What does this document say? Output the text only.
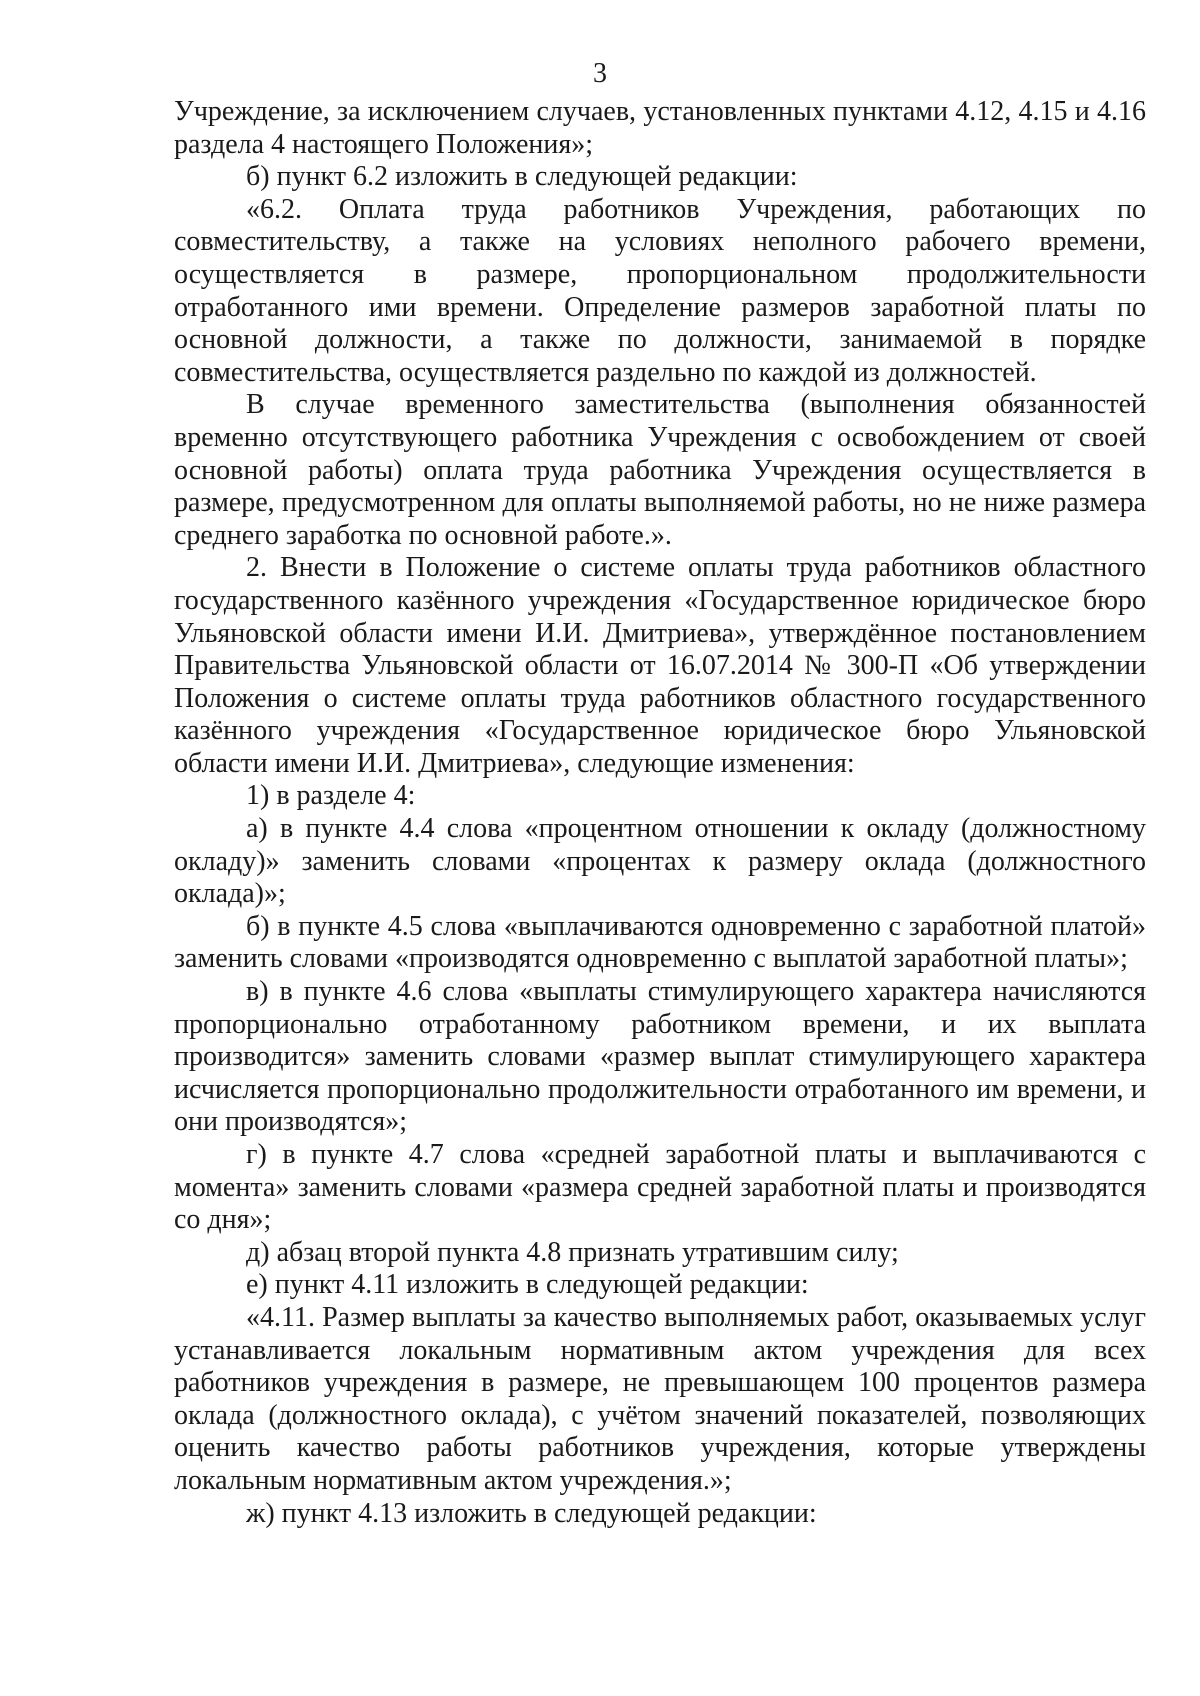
3

Учреждение, за исключением случаев, установленных пунктами 4.12, 4.15 и 4.16 раздела 4 настоящего Положения»;

б) пункт 6.2 изложить в следующей редакции:

«6.2. Оплата труда работников Учреждения, работающих по совместительству, а также на условиях неполного рабочего времени, осуществляется в размере, пропорциональном продолжительности отработанного ими времени. Определение размеров заработной платы по основной должности, а также по должности, занимаемой в порядке совместительства, осуществляется раздельно по каждой из должностей.

В случае временного заместительства (выполнения обязанностей временно отсутствующего работника Учреждения с освобождением от своей основной работы) оплата труда работника Учреждения осуществляется в размере, предусмотренном для оплаты выполняемой работы, но не ниже размера среднего заработка по основной работе.».

2. Внести в Положение о системе оплаты труда работников областного государственного казённого учреждения «Государственное юридическое бюро Ульяновской области имени И.И. Дмитриева», утверждённое постановлением Правительства Ульяновской области от 16.07.2014 № 300-П «Об утверждении Положения о системе оплаты труда работников областного государственного казённого учреждения «Государственное юридическое бюро Ульяновской области имени И.И. Дмитриева», следующие изменения:

1) в разделе 4:

а) в пункте 4.4 слова «процентном отношении к окладу (должностному окладу)» заменить словами «процентах к размеру оклада (должностного оклада)»;

б) в пункте 4.5 слова «выплачиваются одновременно с заработной платой» заменить словами «производятся одновременно с выплатой заработной платы»;

в) в пункте 4.6 слова «выплаты стимулирующего характера начисляются пропорционально отработанному работником времени, и их выплата производится» заменить словами «размер выплат стимулирующего характера исчисляется пропорционально продолжительности отработанного им времени, и они производятся»;

г) в пункте 4.7 слова «средней заработной платы и выплачиваются с момента» заменить словами «размера средней заработной платы и производятся со дня»;

д) абзац второй пункта 4.8 признать утратившим силу;

е) пункт 4.11 изложить в следующей редакции:

«4.11. Размер выплаты за качество выполняемых работ, оказываемых услуг устанавливается локальным нормативным актом учреждения для всех работников учреждения в размере, не превышающем 100 процентов размера оклада (должностного оклада), с учётом значений показателей, позволяющих оценить качество работы работников учреждения, которые утверждены локальным нормативным актом учреждения.»;

ж) пункт 4.13 изложить в следующей редакции:
